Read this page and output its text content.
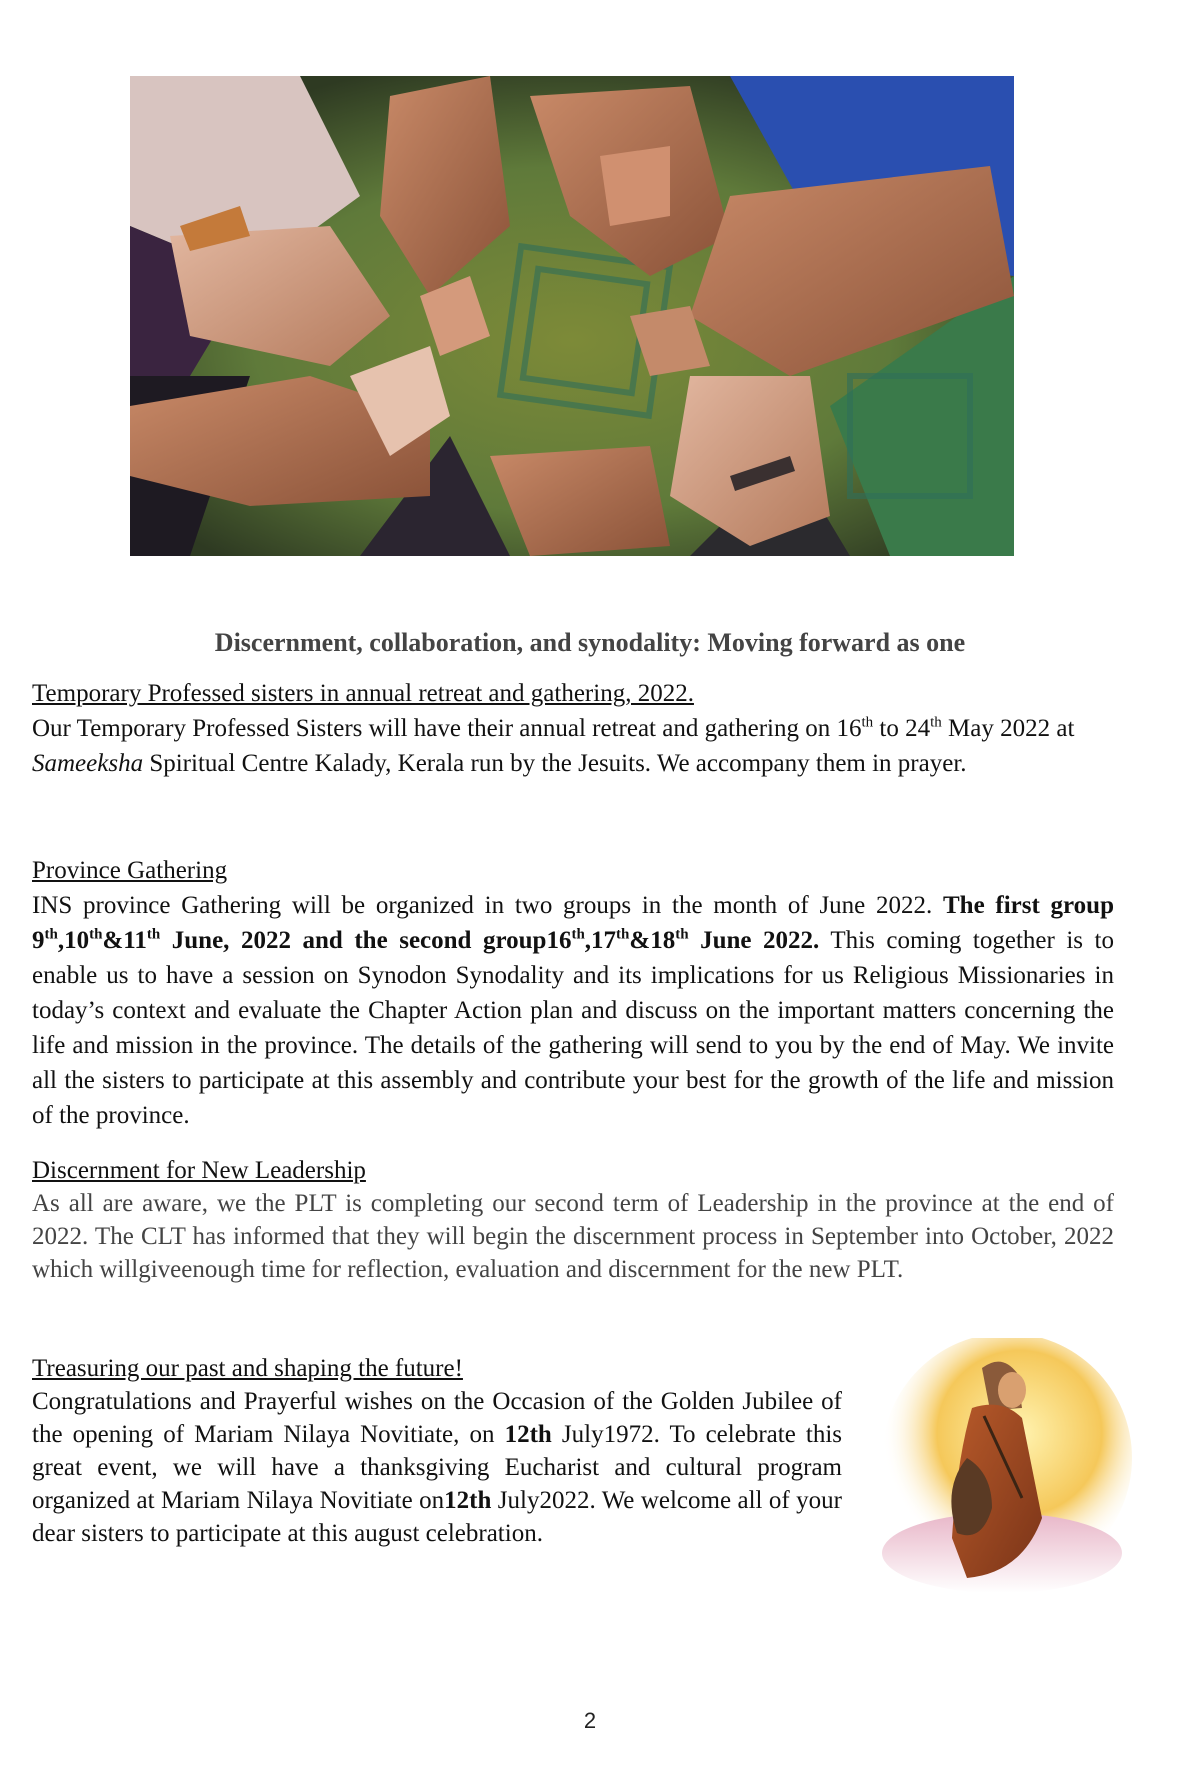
Discernment, collaboration, and synodality: Moving forward as one
Temporary Professed sisters in annual retreat and gathering, 2022.
Our Temporary Professed Sisters will have their annual retreat and gathering on 16th to 24th May 2022 at Sameeksha Spiritual Centre Kalady, Kerala run by the Jesuits. We accompany them in prayer.
Province Gathering
INS province Gathering will be organized in two groups in the month of June 2022. The first group 9th,10th&11th June, 2022 and the second group16th,17th&18th June 2022. This coming together is to enable us to have a session on Synodon Synodality and its implications for us Religious Missionaries in today’s context and evaluate the Chapter Action plan and discuss on the important matters concerning the life and mission in the province. The details of the gathering will send to you by the end of May. We invite all the sisters to participate at this assembly and contribute your best for the growth of the life and mission of the province.
Discernment for New Leadership
As all are aware, we the PLT is completing our second term of Leadership in the province at the end of 2022. The CLT has informed that they will begin the discernment process in September into October, 2022 which willgiveenough time for reflection, evaluation and discernment for the new PLT.
Treasuring our past and shaping the future!
Congratulations and Prayerful wishes on the Occasion of the Golden Jubilee of the opening of Mariam Nilaya Novitiate, on 12th July1972. To celebrate this great event, we will have a thanksgiving Eucharist and cultural program organized at Mariam Nilaya Novitiate on12th July2022. We welcome all of your dear sisters to participate at this august celebration.
2
